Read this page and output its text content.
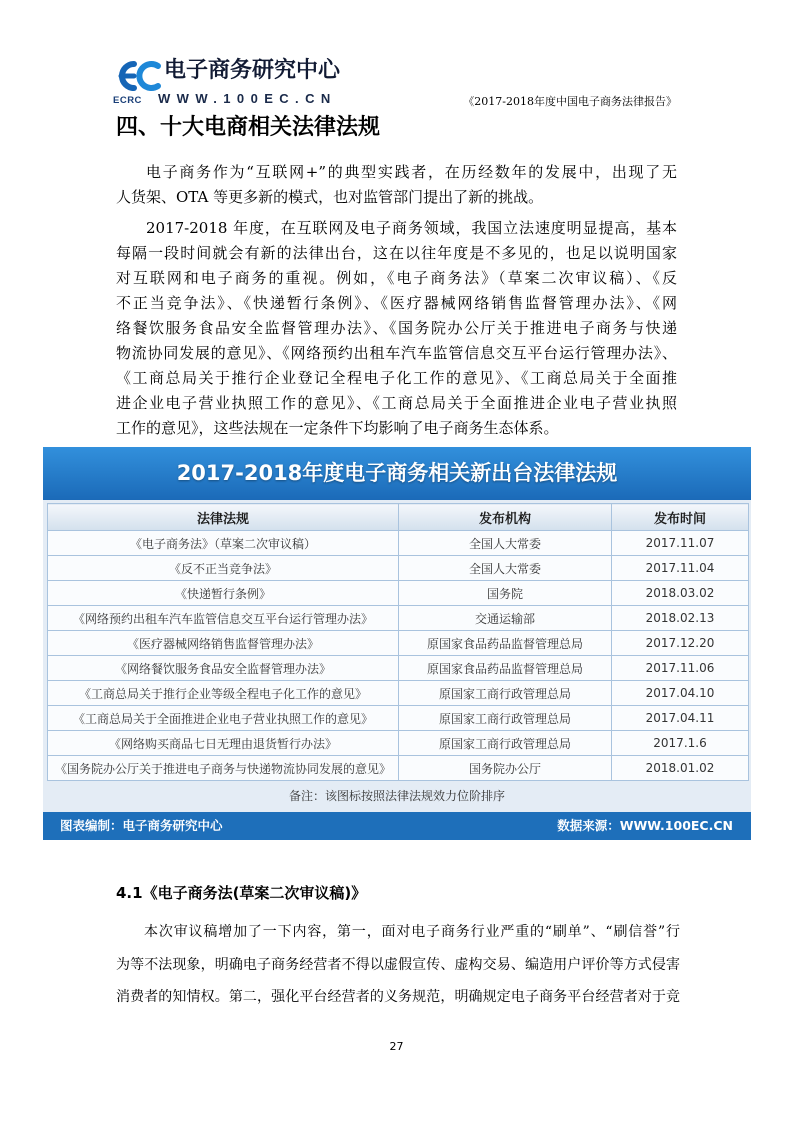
电子商务研究中心
ECRC WWW.100EC.CN	《2017-2018年度中国电子商务法律报告》
四、十大电商相关法律法规
电子商务作为“互联网+”的典型实践者，在历经数年的发展中，出现了无
人货架、OTA 等更多新的模式，也对监管部门提出了新的挑战。
2017-2018 年度，在互联网及电子商务领域，我国立法速度明显提高，基本
每隔一段时间就会有新的法律出台，这在以往年度是不多见的，也足以说明国家
对互联网和电子商务的重视。例如，《电子商务法》（草案二次审议稿）、《反
不正当竞争法》、《快递暂行条例》、《医疗器械网络销售监督管理办法》、《网
络餐饮服务食品安全监督管理办法》、《国务院办公厅关于推进电子商务与快递
物流协同发展的意见》、《网络预约出租车汽车监管信息交互平台运行管理办法》、
《工商总局关于推行企业登记全程电子化工作的意见》、《工商总局关于全面推
进企业电子营业执照工作的意见》、《工商总局关于全面推进企业电子营业执照
工作的意见》，这些法规在一定条件下均影响了电子商务生态体系。
2017-2018年度电子商务相关新出台法律法规
法律法规	发布机构	发布时间
《电子商务法》（草案二次审议稿）	全国人大常委	2017.11.07
《反不正当竞争法》	全国人大常委	2017.11.04
《快递暂行条例》	国务院	2018.03.02
《网络预约出租车汽车监管信息交互平台运行管理办法》	交通运输部	2018.02.13
《医疗器械网络销售监督管理办法》	原国家食品药品监督管理总局	2017.12.20
《网络餐饮服务食品安全监督管理办法》	原国家食品药品监督管理总局	2017.11.06
《工商总局关于推行企业等级全程电子化工作的意见》	原国家工商行政管理总局	2017.04.10
《工商总局关于全面推进企业电子营业执照工作的意见》	原国家工商行政管理总局	2017.04.11
《网络购买商品七日无理由退货暂行办法》	原国家工商行政管理总局	2017.1.6
《国务院办公厅关于推进电子商务与快递物流协同发展的意见》	国务院办公厅	2018.01.02
备注：该图标按照法律法规效力位阶排序
图表编制：电子商务研究中心	数据来源：WWW.100EC.CN
4.1《电子商务法(草案二次审议稿)》
本次审议稿增加了一下内容，第一，面对电子商务行业严重的“刷单”、“刷信誉”行
为等不法现象，明确电子商务经营者不得以虚假宣传、虚构交易、编造用户评价等方式侵害
消费者的知情权。第二，强化平台经营者的义务规范，明确规定电子商务平台经营者对于竞
27
